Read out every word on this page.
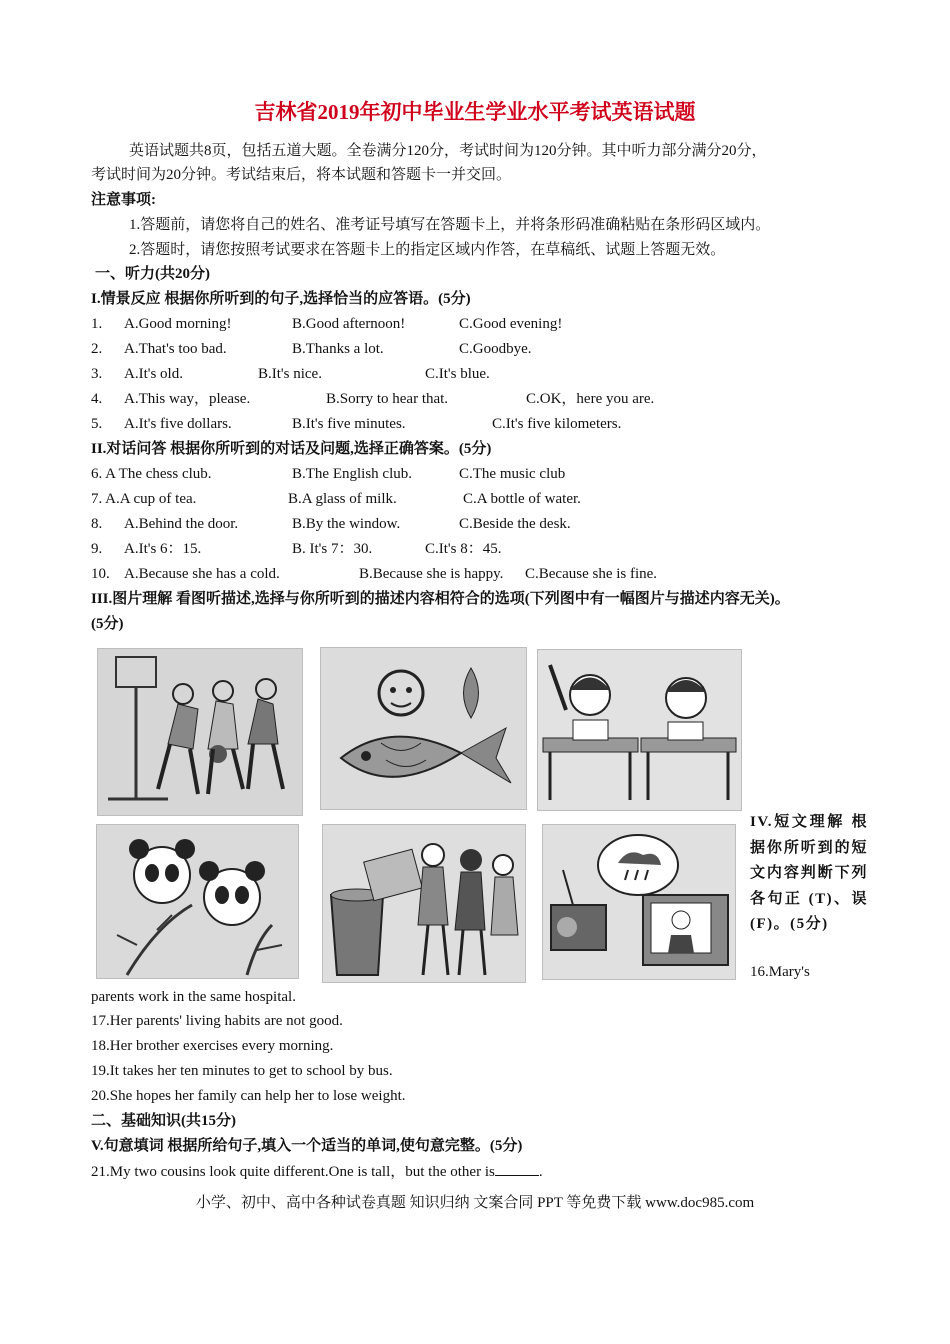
吉林省2019年初中毕业生学业水平考试英语试题
英语试题共8页，包括五道大题。全卷满分120分，考试时间为120分钟。其中听力部分满分20分，
考试时间为20分钟。考试结束后，将本试题和答题卡一并交回。
注意事项:
1.答题前，请您将自己的姓名、准考证号填写在答题卡上，并将条形码准确粘贴在条形码区域内。
2.答题时，请您按照考试要求在答题卡上的指定区域内作答，在草稿纸、试题上答题无效。
一、听力(共20分)
I.情景反应 根据你所听到的句子,选择恰当的应答语。(5分)
1. A.Good morning!	B.Good afternoon!	C.Good evening!
2. A.That's too bad.	B.Thanks a lot.	C.Goodbye.
3. A.It's old.	B.It's nice.	C.It's blue.
4. A.This way，please.	B.Sorry to hear that.	C.OK，here you are.
5. A.It's five dollars.	B.It's five minutes.	C.It's five kilometers.
II.对话问答 根据你所听到的对话及问题,选择正确答案。(5分)
6. A The chess club.	B.The English club.	C.The music club
7. A.A cup of tea.	B.A glass of milk.	C.A bottle of water.
8. A.Behind the door.	B.By the window.	C.Beside the desk.
9. A.It's 6：15.	B. It's 7：30.	C.It's 8：45.
10. A.Because she has a cold.	B.Because she is happy. C.Because she is fine.
III.图片理解 看图听描述,选择与你所听到的描述内容相符合的选项(下列图中有一幅图片与描述内容无关)。
(5分)
IV.短文理解 根据你所听到的短文内容判断下列各句正 (T)、误(F)。(5分)
16.Mary's
parents work in the same hospital.
17.Her parents' living habits are not good.
18.Her brother exercises every morning.
19.It takes her ten minutes to get to school by bus.
20.She hopes her family can help her to lose weight.
二、基础知识(共15分)
V.句意填词 根据所给句子,填入一个适当的单词,使句意完整。(5分)
21.My two cousins look quite different.One is tall，but the other is	.
小学、初中、高中各种试卷真题 知识归纳 文案合同 PPT 等免费下载 www.doc985.com
